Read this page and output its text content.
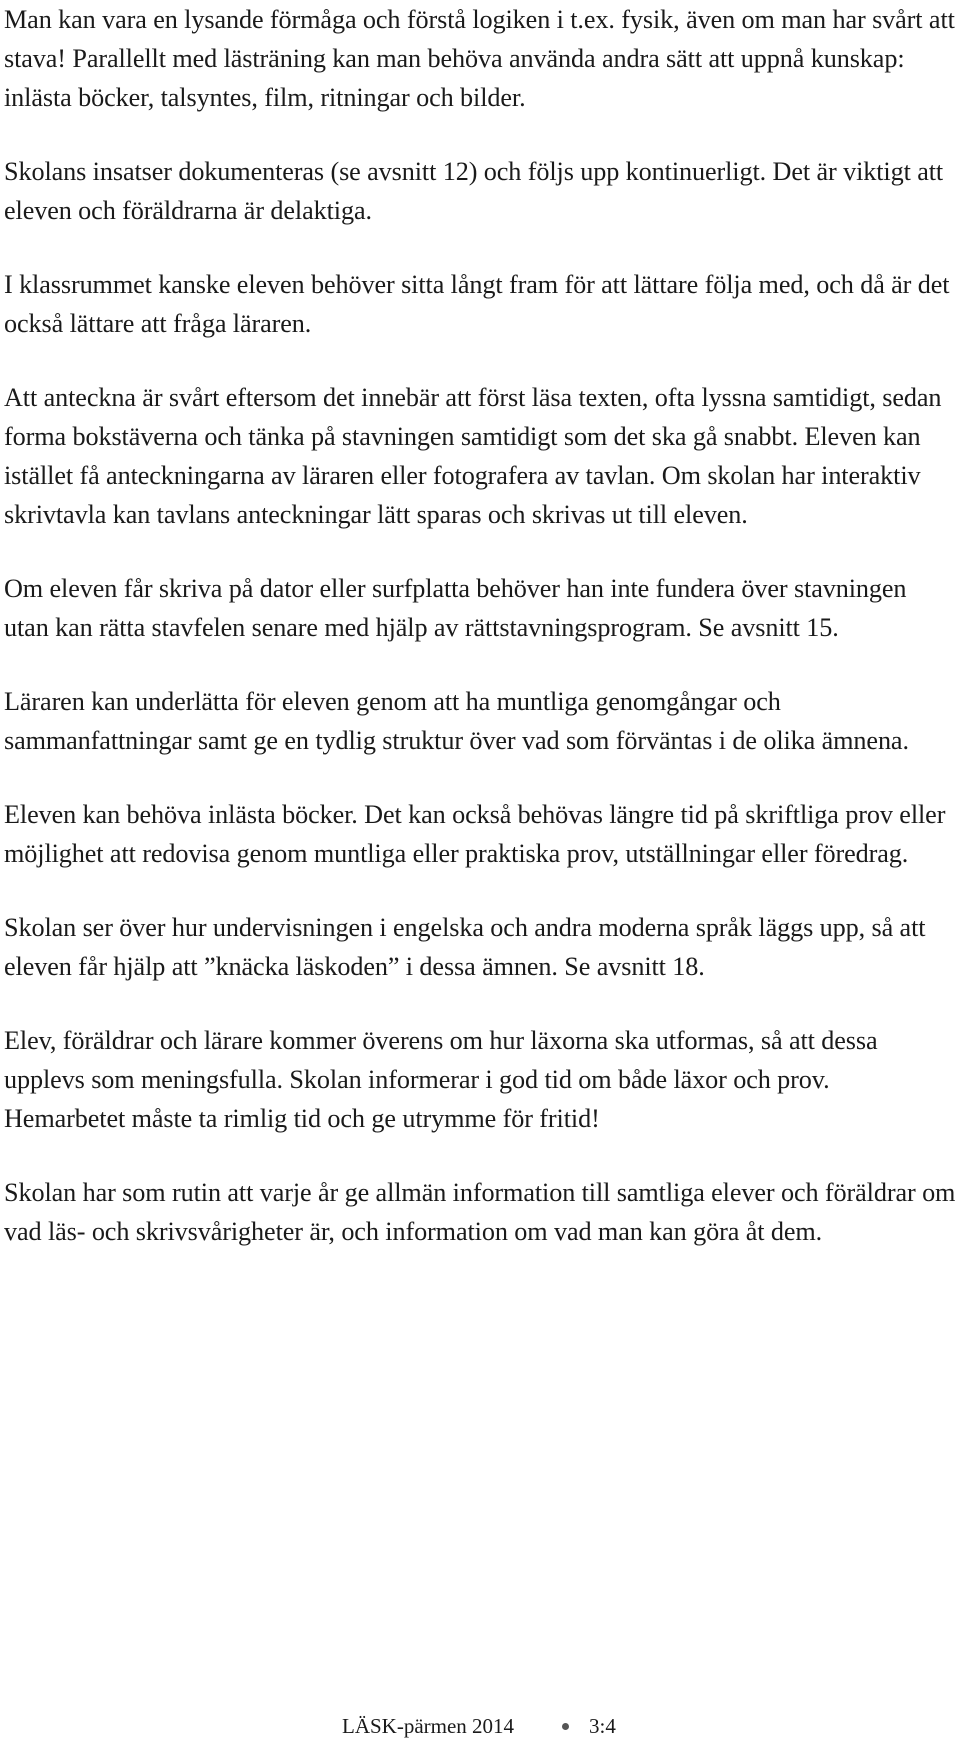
Man kan vara en lysande förmåga och förstå logiken i t.ex. fysik, även om man har svårt att stava! Parallellt med lästräning kan man behöva använda andra sätt att uppnå kunskap: inlästa böcker, talsyntes, film, ritningar och bilder.

Skolans insatser dokumenteras (se avsnitt 12) och följs upp kontinuerligt. Det är viktigt att eleven och föräldrarna är delaktiga.

I klassrummet kanske eleven behöver sitta långt fram för att lättare följa med, och då är det också lättare att fråga läraren.

Att anteckna är svårt eftersom det innebär att först läsa texten, ofta lyssna samtidigt, sedan forma bokstäverna och tänka på stavningen samtidigt som det ska gå snabbt. Eleven kan istället få anteckningarna av läraren eller fotografera av tavlan. Om skolan har interaktiv skrivtavla kan tavlans anteckningar lätt sparas och skrivas ut till eleven.

Om eleven får skriva på dator eller surfplatta behöver han inte fundera över stavningen utan kan rätta stavfelen senare med hjälp av rättstavningsprogram. Se avsnitt 15.

Läraren kan underlätta för eleven genom att ha muntliga genomgångar och sammanfattningar samt ge en tydlig struktur över vad som förväntas i de olika ämnena.

Eleven kan behöva inlästa böcker. Det kan också behövas längre tid på skriftliga prov eller möjlighet att redovisa genom muntliga eller praktiska prov, utställningar eller föredrag.

Skolan ser över hur undervisningen i engelska och andra moderna språk läggs upp, så att eleven får hjälp att ”knäcka läskoden” i dessa ämnen. Se avsnitt 18.

Elev, föräldrar och lärare kommer överens om hur läxorna ska utformas, så att dessa upplevs som meningsfulla. Skolan informerar i god tid om både läxor och prov. Hemarbetet måste ta rimlig tid och ge utrymme för fritid!

Skolan har som rutin att varje år ge allmän information till samtliga elever och föräldrar om vad läs- och skrivsvårigheter är, och information om vad man kan göra åt dem.

LÄSK-pärmen 2014	3:4
